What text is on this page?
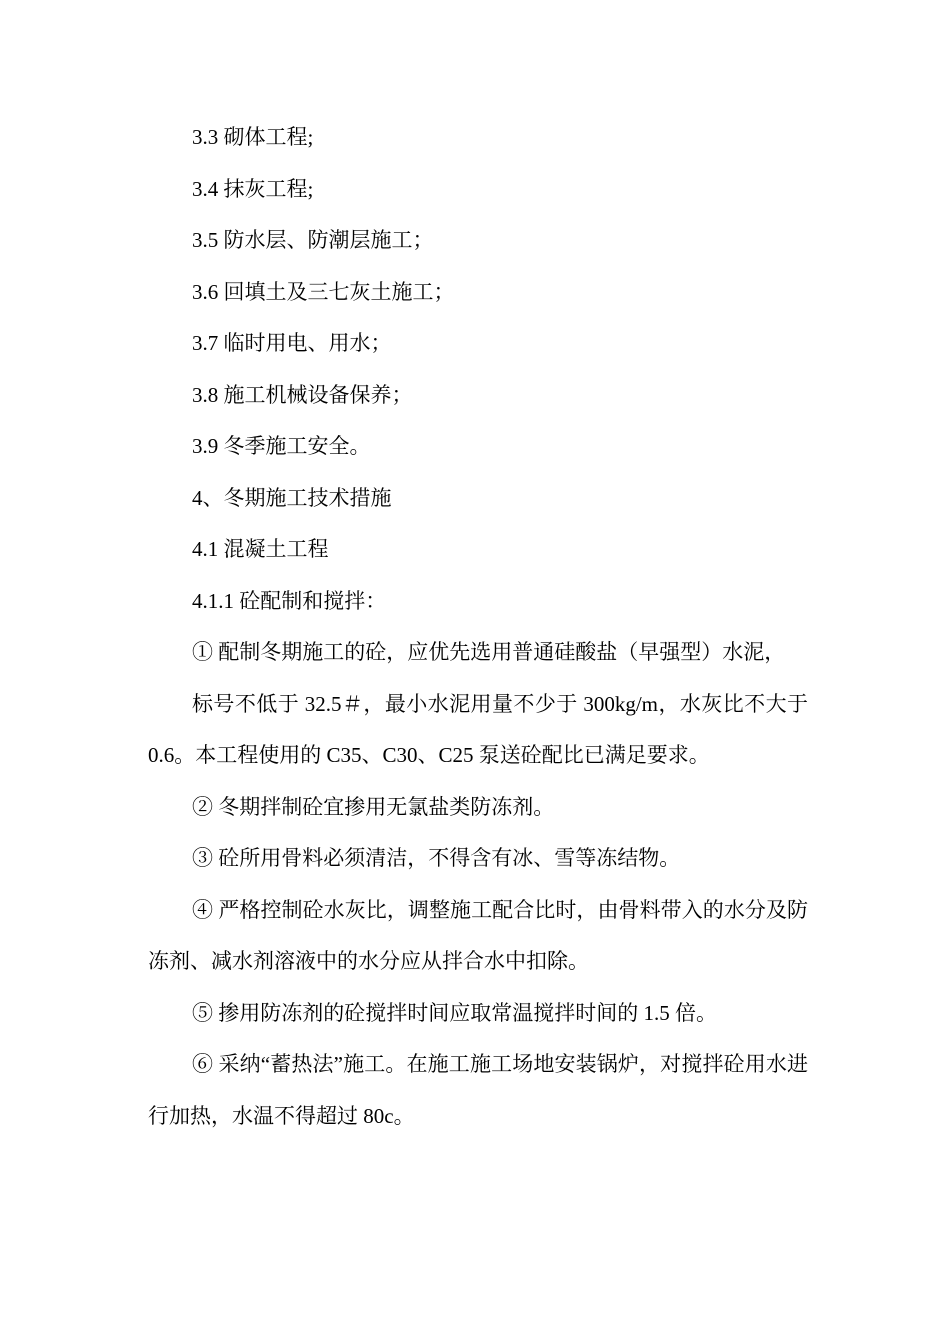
3.3 砌体工程;

3.4 抹灰工程;

3.5 防水层、防潮层施工；

3.6 回填土及三七灰土施工；

3.7 临时用电、用水；

3.8 施工机械设备保养；

3.9 冬季施工安全。

4、冬期施工技术措施

4.1 混凝土工程

4.1.1 砼配制和搅拌：

① 配制冬期施工的砼，应优先选用普通硅酸盐（早强型）水泥，

标号不低于 32.5＃，最小水泥用量不少于 300kg/m，水灰比不大于 0.6。本工程使用的 C35、C30、C25 泵送砼配比已满足要求。

② 冬期拌制砼宜掺用无氯盐类防冻剂。

③ 砼所用骨料必须清洁，不得含有冰、雪等冻结物。

④ 严格控制砼水灰比，调整施工配合比时，由骨料带入的水分及防冻剂、减水剂溶液中的水分应从拌合水中扣除。

⑤ 掺用防冻剂的砼搅拌时间应取常温搅拌时间的 1.5 倍。

⑥ 采纳“蓄热法”施工。在施工施工场地安装锅炉，对搅拌砼用水进行加热，水温不得超过 80c。
